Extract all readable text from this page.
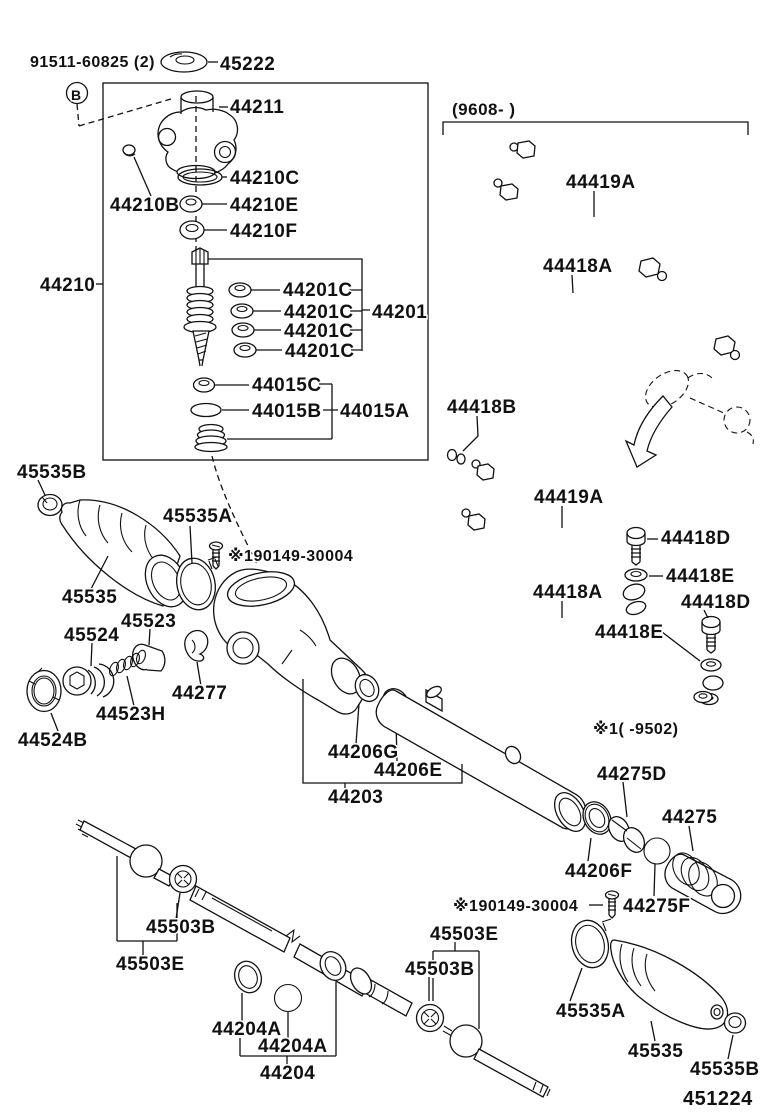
91511-60825 (2)
B
45222
44211
44210C
44210B	44210E
44210F
44210	44201C
44201C 44201
44201C
44201C
44015C
44015B 44015A
45535B
45535A
※190149-30004
45535
45524
45523
44277
44523H
44524B
44206G
44206E
44203
(9608- )
44419A
44418A
44418B
44419A
44418D
44418E
44418A	44418D
44418E
※1( -9502)
44275D
44275
44206F
※190149-30004 44275F
45503B
45503E
45503E
45503B
44204A
44204A
44204
45535A
45535
45535B
451224
